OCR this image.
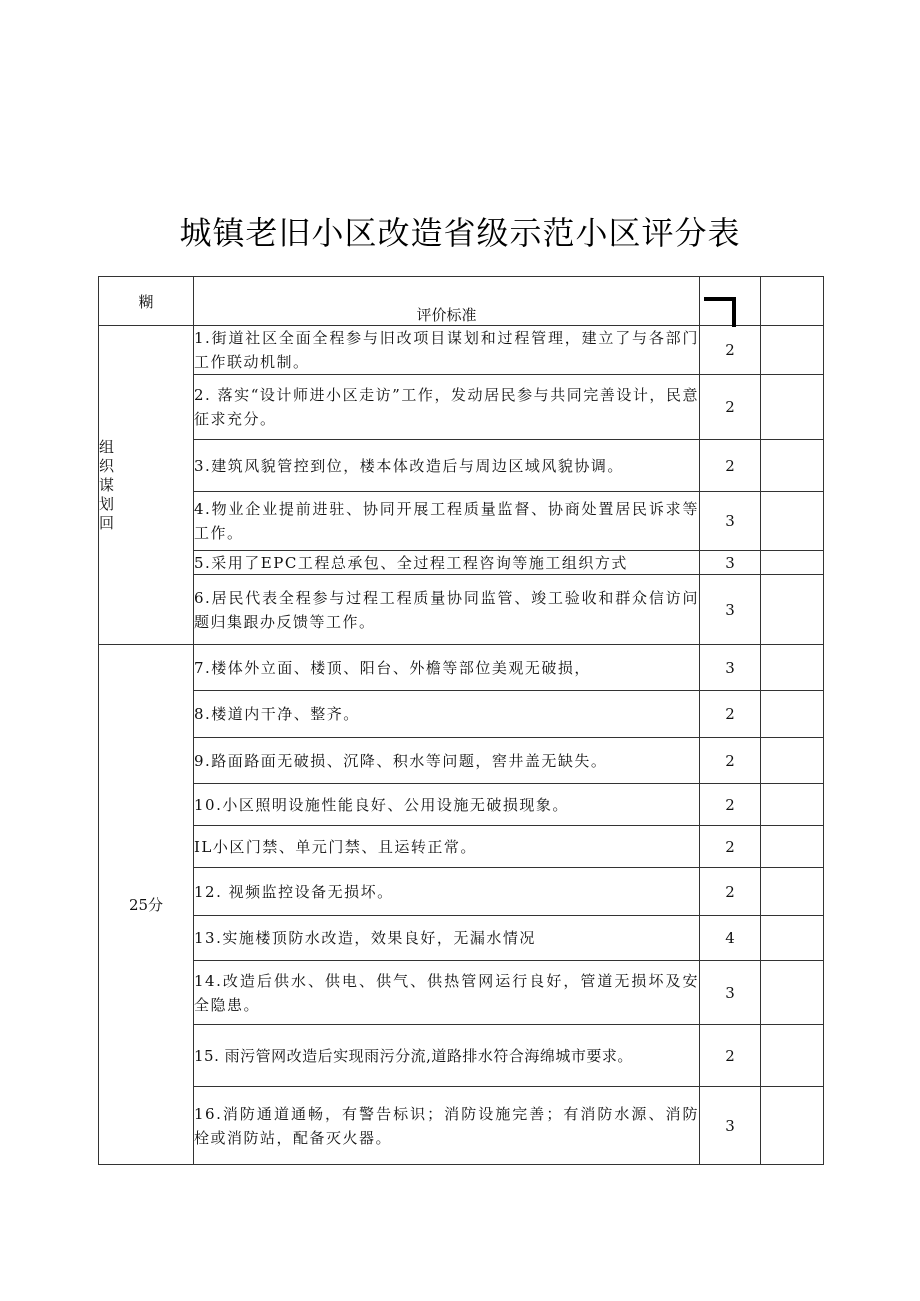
城镇老旧小区改造省级示范小区评分表
糊	评价标准	

组
织
谋
划
回	1.街道社区全面全程参与旧改项目谋划和过程管理，建立了与各部门工作联动机制。	2	
	2. 落实“设计师进小区走访”工作，发动居民参与共同完善设计，民意征求充分。	2	
	3.建筑风貌管控到位，楼本体改造后与周边区域风貌协调。	2	
	4.物业企业提前进驻、协同开展工程质量监督、协商处置居民诉求等工作。	3	
	5.采用了EPC工程总承包、全过程工程咨询等施工组织方式	3	
	6.居民代表全程参与过程工程质量协同监管、竣工验收和群众信访问题归集跟办反馈等工作。	3	
25分	7.楼体外立面、楼顶、阳台、外檐等部位美观无破损，	3	
	8.楼道内干净、整齐。	2	
	9.路面路面无破损、沉降、积水等问题，窖井盖无缺失。	2	
	10.小区照明设施性能良好、公用设施无破损现象。	2	
	IL小区门禁、单元门禁、且运转正常。	2	
	12. 视频监控设备无损坏。	2	
	13.实施楼顶防水改造，效果良好，无漏水情况	4	
	14.改造后供水、供电、供气、供热管网运行良好，管道无损坏及安全隐患。	3	
	15. 雨污管网改造后实现雨污分流,道路排水符合海绵城市要求。	2	
	16.消防通道通畅，有警告标识；消防设施完善；有消防水源、消防栓或消防站，配备灭火器。	3	
